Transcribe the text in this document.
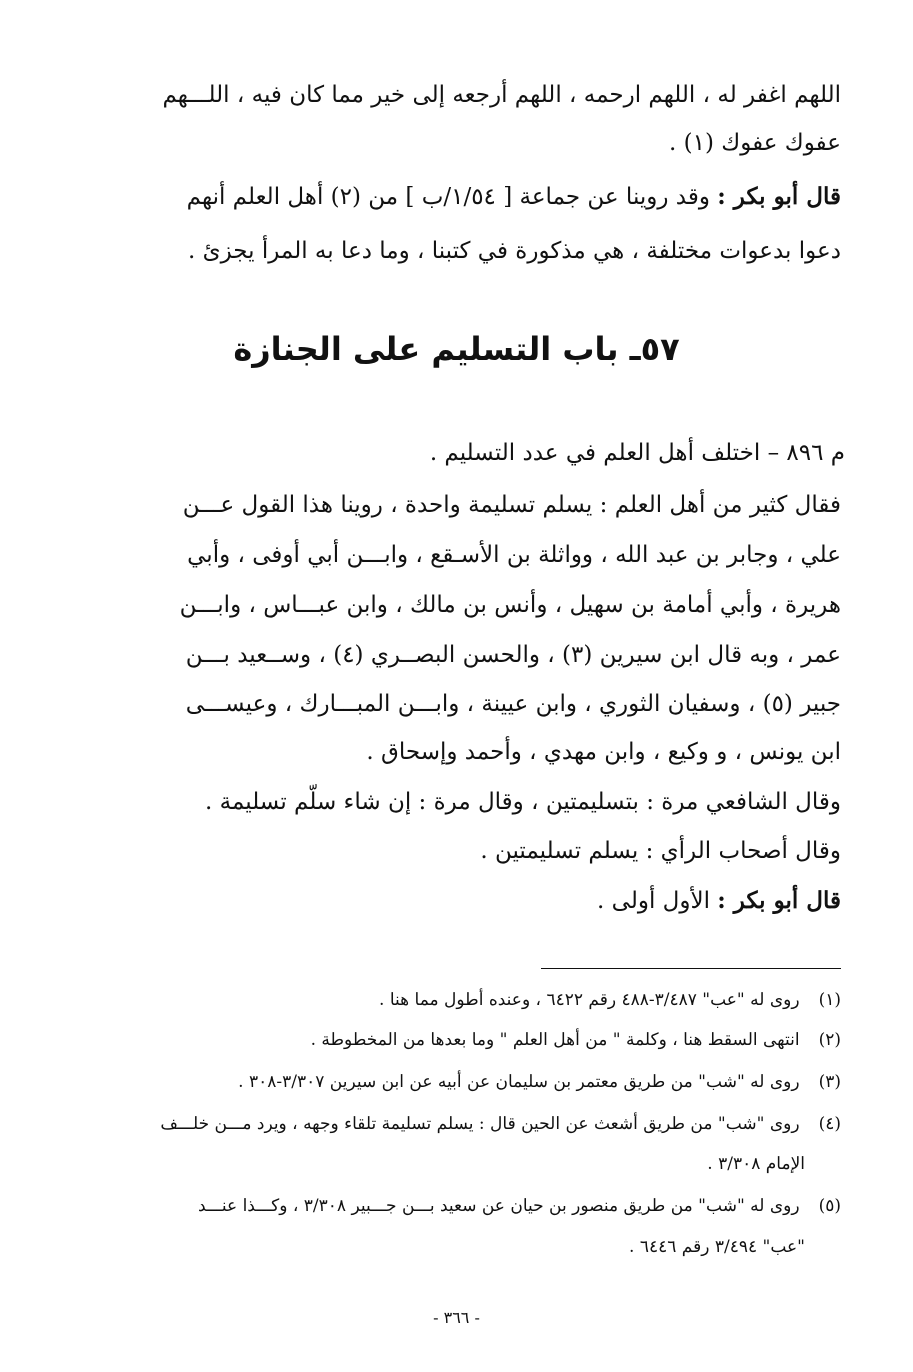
اللهم اغفر له ، اللهم ارحمه ، اللهم أرجعه إلى خير مما كان فيه ، اللـــهم
عفوك عفوك (١) .
قال أبو بكر : وقد روينا عن جماعة [ ١/٥٤/ب ] من (٢) أهل العلم أنهم
دعوا بدعوات مختلفة ، هي مذكورة في كتبنا ، وما دعا به المرأ يجزئ .
٥٧ـ باب التسليم على الجنازة
م ٨٩٦ – اختلف أهل العلم في عدد التسليم .
فقال كثير من أهل العلم : يسلم تسليمة واحدة ، روينا هذا القول عـــن
علي ، وجابر بن عبد الله ، وواثلة بن الأسـقع ، وابـــن أبي أوفى ، وأبي
هريرة ، وأبي أمامة بن سهيل ، وأنس بن مالك ، وابن عبـــاس ، وابـــن
عمر ، وبه قال ابن سيرين (٣) ، والحسن البصــري (٤) ، وســعيد بـــن
جبير (٥) ، وسفيان الثوري ، وابن عيينة ، وابـــن المبـــارك ، وعيســـى
ابن يونس ، و وكيع ، وابن مهدي ، وأحمد وإسحاق .
وقال الشافعي مرة : بتسليمتين ، وقال مرة : إن شاء سلّم تسليمة .
وقال أصحاب الرأي : يسلم تسليمتين .
قال أبو بكر : الأول أولى .
(١) روى له "عب" ٣/٤٨٧-٤٨٨ رقم ٦٤٢٢ ، وعنده أطول مما هنا .
(٢) انتهى السقط هنا ، وكلمة " من أهل العلم " وما بعدها من المخطوطة .
(٣) روى له "شب" من طريق معتمر بن سليمان عن أبيه عن ابن سيرين ٣/٣٠٧-٣٠٨ .
(٤) روى "شب" من طريق أشعث عن الحين قال : يسلم تسليمة تلقاء وجهه ، ويرد مـــن خلـــف
الإمام ٣/٣٠٨ .
(٥) روى له "شب" من طريق منصور بن حيان عن سعيد بـــن جـــبير ٣/٣٠٨ ، وكـــذا عنـــد
"عب" ٣/٤٩٤ رقم ٦٤٤٦ .
- ٣٦٦ -
